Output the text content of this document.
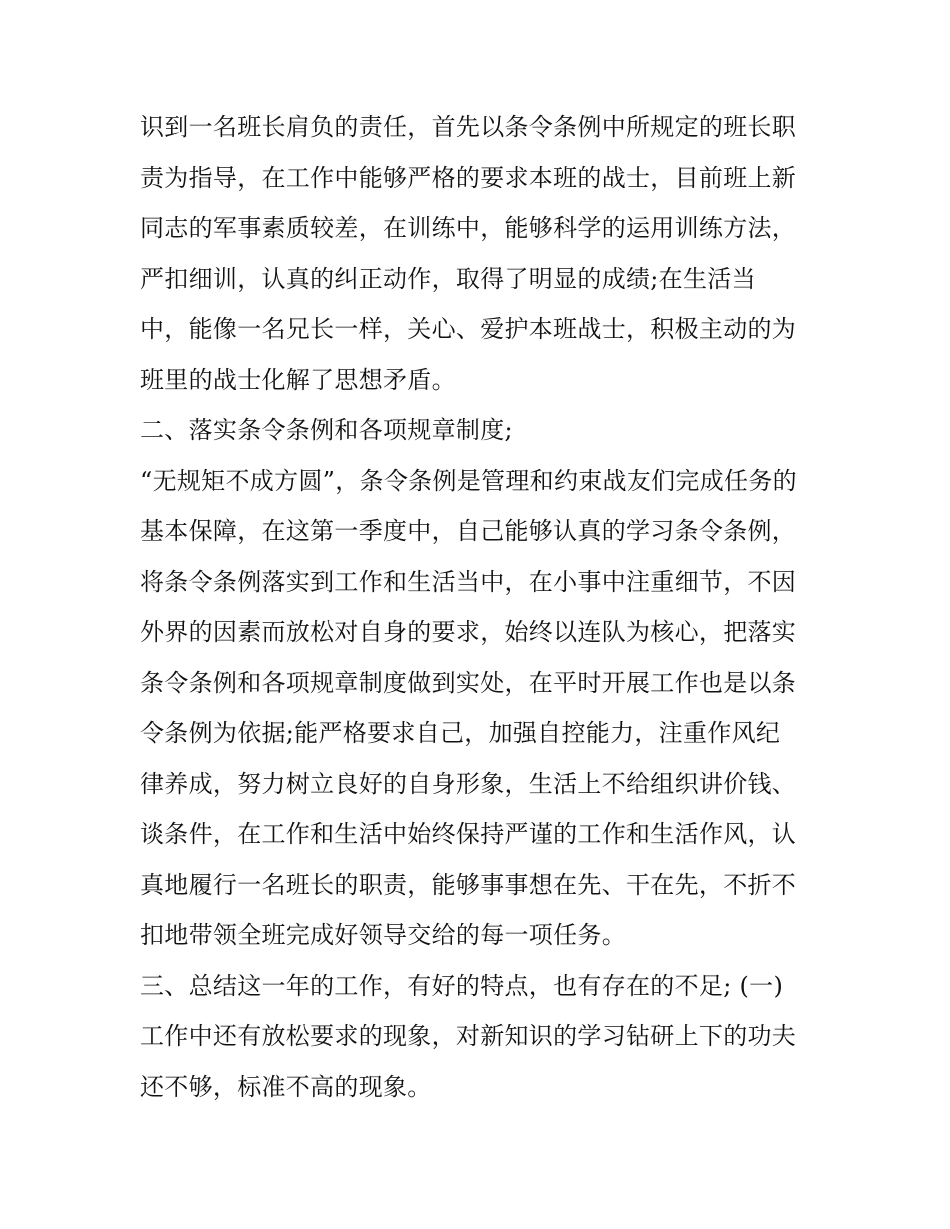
识到一名班长肩负的责任，首先以条令条例中所规定的班长职
责为指导，在工作中能够严格的要求本班的战士，目前班上新
同志的军事素质较差，在训练中，能够科学的运用训练方法，
严扣细训，认真的纠正动作，取得了明显的成绩;在生活当
中，能像一名兄长一样，关心、爱护本班战士，积极主动的为
班里的战士化解了思想矛盾。
二、落实条令条例和各项规章制度;
“无规矩不成方圆”，条令条例是管理和约束战友们完成任务的
基本保障，在这第一季度中，自己能够认真的学习条令条例，
将条令条例落实到工作和生活当中，在小事中注重细节，不因
外界的因素而放松对自身的要求，始终以连队为核心，把落实
条令条例和各项规章制度做到实处，在平时开展工作也是以条
令条例为依据;能严格要求自己，加强自控能力，注重作风纪
律养成，努力树立良好的自身形象，生活上不给组织讲价钱、
谈条件，在工作和生活中始终保持严谨的工作和生活作风，认
真地履行一名班长的职责，能够事事想在先、干在先，不折不
扣地带领全班完成好领导交给的每一项任务。
三、总结这一年的工作，有好的特点，也有存在的不足; (一)
工作中还有放松要求的现象，对新知识的学习钻研上下的功夫
还不够，标准不高的现象。
